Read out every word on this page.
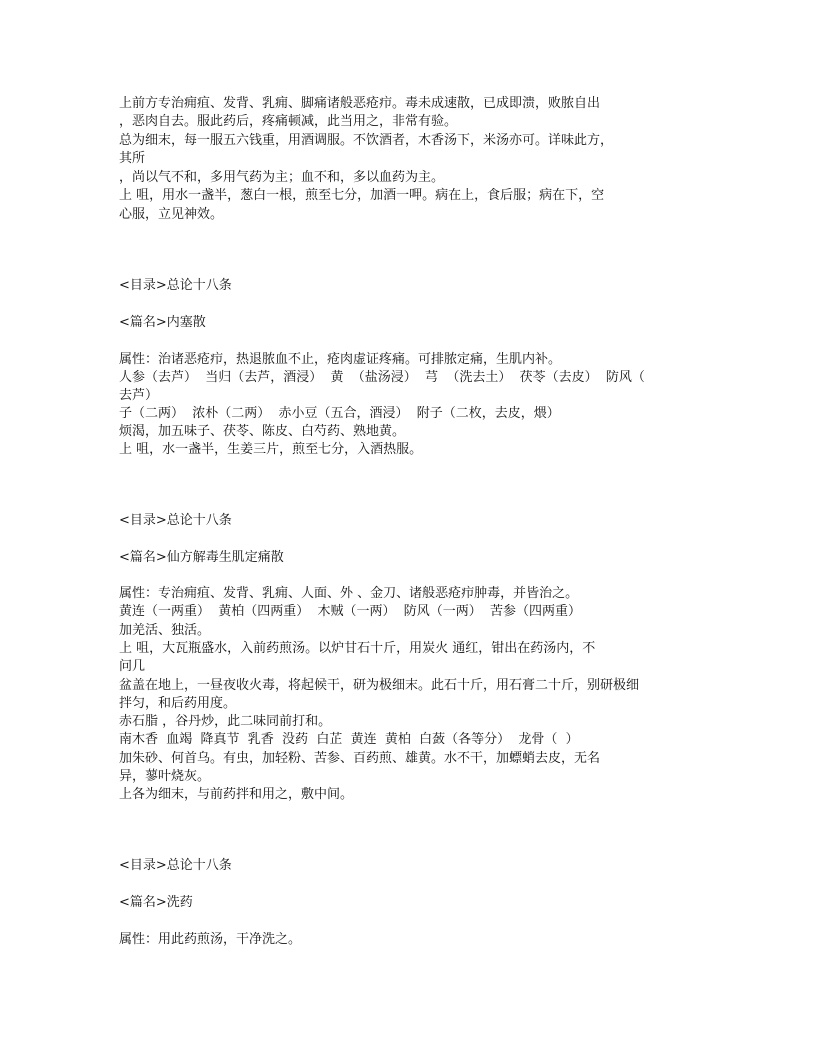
上前方专治痈疽、发背、乳痈、脚痛诸般恶疮疖。毒未成速散，已成即溃，败脓自出
，恶肉自去。服此药后，疼痛顿减，此当用之，非常有验。
总为细末，每一服五六钱重，用酒调服。不饮酒者，木香汤下，米汤亦可。详味此方，
其所
，尚以气不和，多用气药为主；血不和，多以血药为主。
上 咀，用水一盏半，葱白一根，煎至七分，加酒一呷。病在上，食后服；病在下，空
心服，立见神效。
<目录>总论十八条
<篇名>内塞散
属性：治诸恶疮疖，热退脓血不止，疮肉虚证疼痛。可排脓定痛，生肌内补。
人参（去芦）  当归（去芦，酒浸）  黄  （盐汤浸）  芎  （洗去土）  茯苓（去皮）  防风（
去芦）
子（二两）  浓朴（二两）  赤小豆（五合，酒浸）  附子（二枚，去皮，煨）
烦渴，加五味子、茯苓、陈皮、白芍药、熟地黄。
上 咀，水一盏半，生姜三片，煎至七分，入酒热服。
<目录>总论十八条
<篇名>仙方解毒生肌定痛散
属性：专治痈疽、发背、乳痈、人面、外 、金刀、诸般恶疮疖肿毒，并皆治之。
黄连（一两重）  黄柏（四两重）  木贼（一两）  防风（一两）  苦参（四两重）
加羌活、独活。
上 咀，大瓦瓶盛水，入前药煎汤。以炉甘石十斤，用炭火 通红，钳出在药汤内，不
问几
盆盖在地上，一昼夜收火毒，将起候干，研为极细末。此石十斤，用石膏二十斤，别研极细
拌匀，和后药用度。
赤石脂 ，谷丹炒，此二味同前打和。
南木香  血竭  降真节  乳香  没药  白芷  黄连  黄柏  白蔹（各等分）  龙骨（  ）
加朱砂、何首乌。有虫，加轻粉、苦参、百药煎、雄黄。水不干，加螵蛸去皮，无名
异，蓼叶烧灰。
上各为细末，与前药拌和用之，敷中间。
<目录>总论十八条
<篇名>洗药
属性：用此药煎汤，干净洗之。
